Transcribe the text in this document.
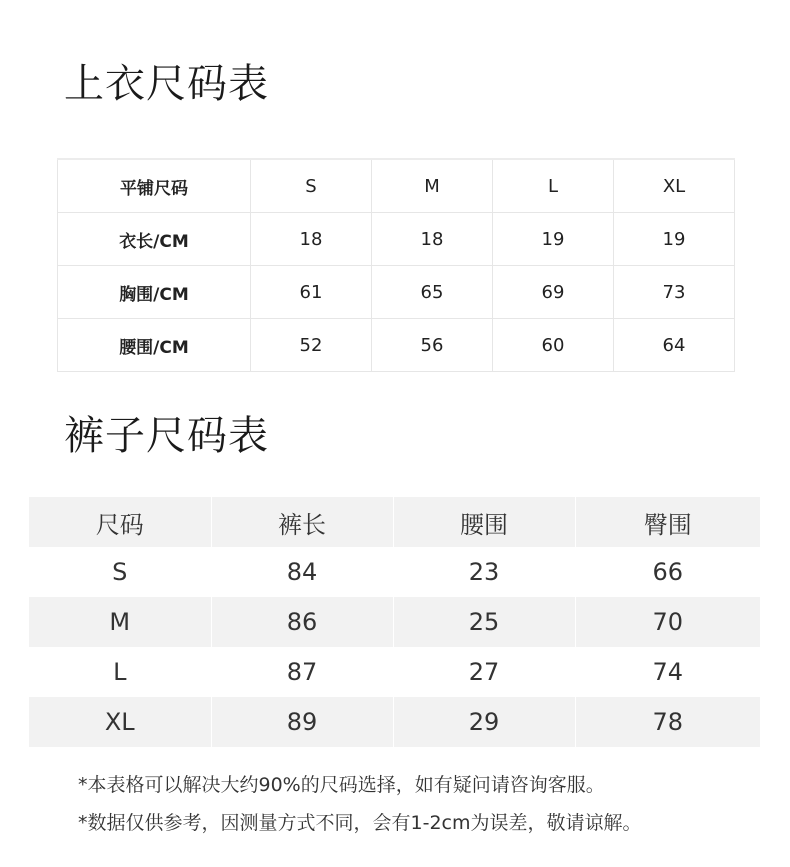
上衣尺码表
平铺尺码	S	M	L	XL
衣长/CM	18	18	19	19
胸围/CM	61	65	69	73
腰围/CM	52	56	60	64
裤子尺码表
尺码	裤长	腰围	臀围
S	84	23	66
M	86	25	70
L	87	27	74
XL	89	29	78
*本表格可以解决大约90%的尺码选择，如有疑问请咨询客服。
*数据仅供参考，因测量方式不同，会有1-2cm为误差，敬请谅解。
